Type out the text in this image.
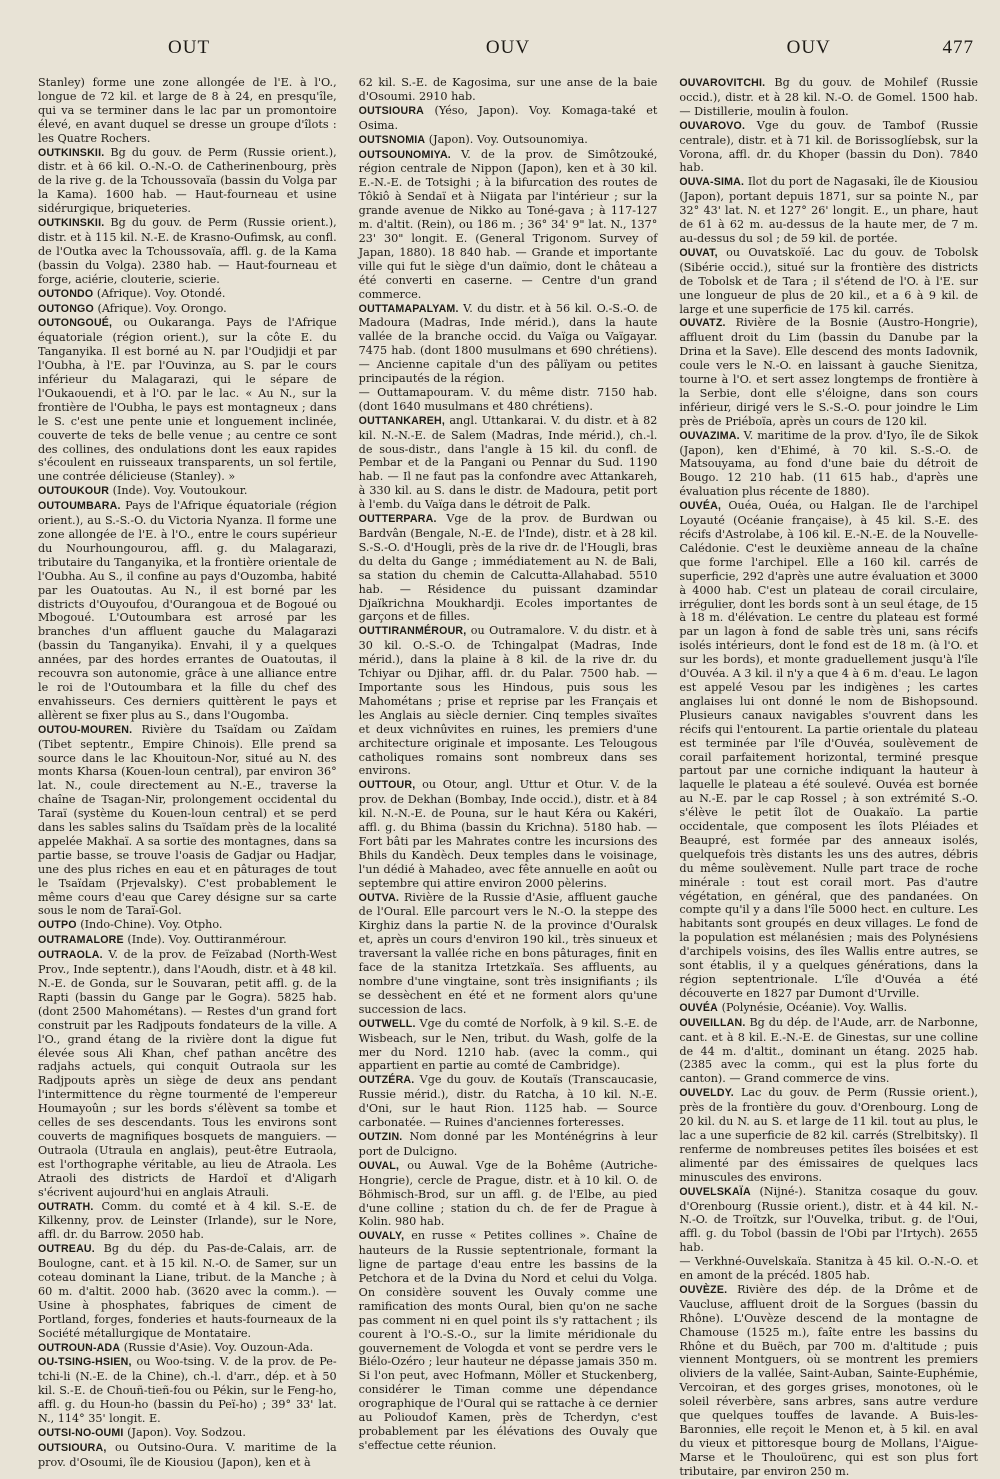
OUT	OUV	OUV	477

Stanley) forme une zone allongée de l'E. à l'O., longue de 72 kil. et large de 8 à 24, en presqu'île, qui va se terminer dans le lac par un promontoire élevé, en avant duquel se dresse un groupe d'îlots : les Quatre Rochers.

OUTKINSKII. Bg du gouv. de Perm (Russie orient.), distr. et à 66 kil. O.-N.-O. de Catherinenbourg, près de la rive g. de la Tchoussovaïa (bassin du Volga par la Kama). 1600 hab. — Haut-fourneau et usine sidérurgique, briqueteries.

OUTKINSKII. Bg du gouv. de Perm (Russie orient.), distr. et à 115 kil. N.-E. de Krasno-Oufimsk, au confl. de l'Outka avec la Tchoussovaïa, affl. g. de la Kama (bassin du Volga). 2380 hab. — Haut-fourneau et forge, aciérie, clouterie, scierie.

OUTONDO (Afrique). Voy. Otondé.

OUTONGO (Afrique). Voy. Orongo.

OUTONGOUÉ, ou Oukaranga. Pays de l'Afrique équatoriale (région orient.), sur la côte E. du Tanganyika. Il est borné au N. par l'Oudjidji et par l'Oubha, à l'E. par l'Ouvinza, au S. par le cours inférieur du Malagarazi, qui le sépare de l'Oukaouendi, et à l'O. par le lac. « Au N., sur la frontière de l'Oubha, le pays est montagneux ; dans le S. c'est une pente unie et longuement inclinée, couverte de teks de belle venue ; au centre ce sont des collines, des ondulations dont les eaux rapides s'écoulent en ruisseaux transparents, un sol fertile, une contrée délicieuse (Stanley). »

OUTOUKOUR (Inde). Voy. Voutoukour.

OUTOUMBARA. Pays de l'Afrique équatoriale (région orient.), au S.-S.-O. du Victoria Nyanza. Il forme une zone allongée de l'E. à l'O., entre le cours supérieur du Nourhoungourou, affl. g. du Malagarazi, tributaire du Tanganyika, et la frontière orientale de l'Oubha. Au S., il confine au pays d'Ouzomba, habité par les Ouatoutas. Au N., il est borné par les districts d'Ouyoufou, d'Ourangoua et de Bogoué ou Mbogoué. L'Outoumbara est arrosé par les branches d'un affluent gauche du Malagarazi (bassin du Tanganyika). Envahi, il y a quelques années, par des hordes errantes de Ouatoutas, il recouvra son autonomie, grâce à une alliance entre le roi de l'Outoumbara et la fille du chef des envahisseurs. Ces derniers quittèrent le pays et allèrent se fixer plus au S., dans l'Ougomba.

OUTOU-MOUREN. Rivière du Tsaïdam ou Zaïdam (Tibet septentr., Empire Chinois). Elle prend sa source dans le lac Khouitoun-Nor, situé au N. des monts Kharsa (Kouen-loun central), par environ 36° lat. N., coule directement au N.-E., traverse la chaîne de Tsagan-Nir, prolongement occidental du Taraï (système du Kouen-loun central) et se perd dans les sables salins du Tsaïdam près de la localité appelée Makhaï. A sa sortie des montagnes, dans sa partie basse, se trouve l'oasis de Gadjar ou Hadjar, une des plus riches en eau et en pâturages de tout le Tsaïdam (Prjevalsky). C'est probablement le même cours d'eau que Carey désigne sur sa carte sous le nom de Taraï-Gol.

OUTPO (Indo-Chine). Voy. Otpho.

OUTRAMALORE (Inde). Voy. Outtiranmérour.

OUTRAOLA. V. de la prov. de Feïzabad (North-West Prov., Inde septentr.), dans l'Aoudh, distr. et à 48 kil. N.-E. de Gonda, sur le Souvaran, petit affl. g. de la Rapti (bassin du Gange par le Gogra). 5825 hab. (dont 2500 Mahométans). — Restes d'un grand fort construit par les Radjpouts fondateurs de la ville. A l'O., grand étang de la rivière dont la digue fut élevée sous Ali Khan, chef pathan ancêtre des radjahs actuels, qui conquit Outraola sur les Radjpouts après un siège de deux ans pendant l'intermittence du règne tourmenté de l'empereur Houmayoûn ; sur les bords s'élèvent sa tombe et celles de ses descendants. Tous les environs sont couverts de magnifiques bosquets de manguiers. — Outraola (Utraula en anglais), peut-être Eutraola, est l'orthographe véritable, au lieu de Atraola. Les Atraoli des districts de Hardoï et d'Aligarh s'écrivent aujourd'hui en anglais Atrauli.

OUTRATH. Comm. du comté et à 4 kil. S.-E. de Kilkenny, prov. de Leinster (Irlande), sur le Nore, affl. dr. du Barrow. 2050 hab.

OUTREAU. Bg du dép. du Pas-de-Calais, arr. de Boulogne, cant. et à 15 kil. N.-O. de Samer, sur un coteau dominant la Liane, tribut. de la Manche ; à 60 m. d'altit. 2000 hab. (3620 avec la comm.). — Usine à phosphates, fabriques de ciment de Portland, forges, fonderies et hauts-fourneaux de la Société métallurgique de Montataire.

OUTROUN-ADA (Russie d'Asie). Voy. Ouzoun-Ada.

OU-TSING-HSIEN, ou Woo-tsing. V. de la prov. de Pe-tchi-li (N.-E. de la Chine), ch.-l. d'arr., dép. et à 50 kil. S.-E. de Chouñ-tieñ-fou ou Pékin, sur le Feng-ho, affl. g. du Houn-ho (bassin du Peï-ho) ; 39° 33' lat. N., 114° 35' longit. E.

OUTSI-NO-OUMI (Japon). Voy. Sodzou.

OUTSIOURA, ou Outsino-Oura. V. maritime de la prov. d'Osoumi, île de Kiousiou (Japon), ken et à

62 kil. S.-E. de Kagosima, sur une anse de la baie d'Osoumi. 2910 hab.

OUTSIOURA (Yéso, Japon). Voy. Komaga-také et Osima.

OUTSNOMIA (Japon). Voy. Outsounomiya.

OUTSOUNOMIYA. V. de la prov. de Simôtzouké, région centrale de Nippon (Japon), ken et à 30 kil. E.-N.-E. de Totsighi ; à la bifurcation des routes de Tôkiô à Sendaï et à Niigata par l'intérieur ; sur la grande avenue de Nikko au Toné-gava ; à 117-127 m. d'altit. (Rein), ou 186 m. ; 36° 34' 9" lat. N., 137° 23' 30" longit. E. (General Trigonom. Survey of Japan, 1880). 18 840 hab. — Grande et importante ville qui fut le siège d'un daïmio, dont le château a été converti en caserne. — Centre d'un grand commerce.

OUTTAMAPALYAM. V. du distr. et à 56 kil. O.-S.-O. de Madoura (Madras, Inde mérid.), dans la haute vallée de la branche occid. du Vaïga ou Vaïgayar. 7475 hab. (dont 1800 musulmans et 690 chrétiens). — Ancienne capitale d'un des pâlïyam ou petites principautés de la région.

— Outtamapouram. V. du même distr. 7150 hab. (dont 1640 musulmans et 480 chrétiens).

OUTTANKAREH, angl. Uttankarai. V. du distr. et à 82 kil. N.-N.-E. de Salem (Madras, Inde mérid.), ch.-l. de sous-distr., dans l'angle à 15 kil. du confl. de Pembar et de la Pangani ou Pennar du Sud. 1190 hab. — Il ne faut pas la confondre avec Attankareh, à 330 kil. au S. dans le distr. de Madoura, petit port à l'emb. du Vaïga dans le détroit de Palk.

OUTTERPARA. Vge de la prov. de Burdwan ou Bardvân (Bengale, N.-E. de l'Inde), distr. et à 28 kil. S.-S.-O. d'Hougli, près de la rive dr. de l'Hougli, bras du delta du Gange ; immédiatement au N. de Bali, sa station du chemin de Calcutta-Allahabad. 5510 hab. — Résidence du puissant dzamindar Djaïkrichna Moukhardji. Ecoles importantes de garçons et de filles.

OUTTIRANMÉROUR, ou Outramalore. V. du distr. et à 30 kil. O.-S.-O. de Tchingalpat (Madras, Inde mérid.), dans la plaine à 8 kil. de la rive dr. du Tchiyar ou Djihar, affl. dr. du Palar. 7500 hab. — Importante sous les Hindous, puis sous les Mahométans ; prise et reprise par les Français et les Anglais au siècle dernier. Cinq temples sivaïtes et deux vichnûvites en ruines, les premiers d'une architecture originale et imposante. Les Telougous catholiques romains sont nombreux dans ses environs.

OUTTOUR, ou Otour, angl. Uttur et Otur. V. de la prov. de Dekhan (Bombay, Inde occid.), distr. et à 84 kil. N.-N.-E. de Pouna, sur le haut Kéra ou Kakéri, affl. g. du Bhima (bassin du Krichna). 5180 hab. — Fort bâti par les Mahrates contre les incursions des Bhils du Kandèch. Deux temples dans le voisinage, l'un dédié à Mahadeo, avec fête annuelle en août ou septembre qui attire environ 2000 pèlerins.

OUTVA. Rivière de la Russie d'Asie, affluent gauche de l'Oural. Elle parcourt vers le N.-O. la steppe des Kirghiz dans la partie N. de la province d'Ouralsk et, après un cours d'environ 190 kil., très sinueux et traversant la vallée riche en bons pâturages, finit en face de la stanitza Irtetzkaïa. Ses affluents, au nombre d'une vingtaine, sont très insignifiants ; ils se dessèchent en été et ne forment alors qu'une succession de lacs.

OUTWELL. Vge du comté de Norfolk, à 9 kil. S.-E. de Wisbeach, sur le Nen, tribut. du Wash, golfe de la mer du Nord. 1210 hab. (avec la comm., qui appartient en partie au comté de Cambridge).

OUTZÉRA. Vge du gouv. de Koutaïs (Transcaucasie, Russie mérid.), distr. du Ratcha, à 10 kil. N.-E. d'Oni, sur le haut Rion. 1125 hab. — Source carbonatée. — Ruines d'anciennes forteresses.

OUTZIN. Nom donné par les Monténégrins à leur port de Dulcigno.

OUVAL, ou Auwal. Vge de la Bohême (Autriche-Hongrie), cercle de Prague, distr. et à 10 kil. O. de Böhmisch-Brod, sur un affl. g. de l'Elbe, au pied d'une colline ; station du ch. de fer de Prague à Kolin. 980 hab.

OUVALY, en russe « Petites collines ». Chaîne de hauteurs de la Russie septentrionale, formant la ligne de partage d'eau entre les bassins de la Petchora et de la Dvina du Nord et celui du Volga. On considère souvent les Ouvaly comme une ramification des monts Oural, bien qu'on ne sache pas comment ni en quel point ils s'y rattachent ; ils courent à l'O.-S.-O., sur la limite méridionale du gouvernement de Vologda et vont se perdre vers le Biélo-Ozéro ; leur hauteur ne dépasse jamais 350 m. Si l'on peut, avec Hofmann, Möller et Stuckenberg, considérer le Timan comme une dépendance orographique de l'Oural qui se rattache à ce dernier au Polioudof Kamen, près de Tcherdyn, c'est probablement par les élévations des Ouvaly que s'effectue cette réunion.

OUVAROVITCHI. Bg du gouv. de Mohilef (Russie occid.), distr. et à 28 kil. N.-O. de Gomel. 1500 hab. — Distillerie, moulin à foulon.

OUVAROVO. Vge du gouv. de Tambof (Russie centrale), distr. et à 71 kil. de Borissoglíebsk, sur la Vorona, affl. dr. du Khoper (bassin du Don). 7840 hab.

OUVA-SIMA. Ilot du port de Nagasaki, île de Kiousiou (Japon), portant depuis 1871, sur sa pointe N., par 32° 43' lat. N. et 127° 26' longit. E., un phare, haut de 61 à 62 m. au-dessus de la haute mer, de 7 m. au-dessus du sol ; de 59 kil. de portée.

OUVAT, ou Ouvatskoïé. Lac du gouv. de Tobolsk (Sibérie occid.), situé sur la frontière des districts de Tobolsk et de Tara ; il s'étend de l'O. à l'E. sur une longueur de plus de 20 kil., et a 6 à 9 kil. de large et une superficie de 175 kil. carrés.

OUVATZ. Rivière de la Bosnie (Austro-Hongrie), affluent droit du Lim (bassin du Danube par la Drina et la Save). Elle descend des monts Iadovnik, coule vers le N.-O. en laissant à gauche Sienitza, tourne à l'O. et sert assez longtemps de frontière à la Serbie, dont elle s'éloigne, dans son cours inférieur, dirigé vers le S.-S.-O. pour joindre le Lim près de Priéboïa, après un cours de 120 kil.

OUVAZIMA. V. maritime de la prov. d'Iyo, île de Sikok (Japon), ken d'Ehimé, à 70 kil. S.-S.-O. de Matsouyama, au fond d'une baie du détroit de Bougo. 12 210 hab. (11 615 hab., d'après une évaluation plus récente de 1880).

OUVÉA, Ouéa, Ouéa, ou Halgan. Ile de l'archipel Loyauté (Océanie française), à 45 kil. S.-E. des récifs d'Astrolabe, à 106 kil. E.-N.-E. de la Nouvelle-Calédonie. C'est le deuxième anneau de la chaîne que forme l'archipel. Elle a 160 kil. carrés de superficie, 292 d'après une autre évaluation et 3000 à 4000 hab. C'est un plateau de corail circulaire, irrégulier, dont les bords sont à un seul étage, de 15 à 18 m. d'élévation. Le centre du plateau est formé par un lagon à fond de sable très uni, sans récifs isolés intérieurs, dont le fond est de 18 m. (à l'O. et sur les bords), et monte graduellement jusqu'à l'île d'Ouvéa. A 3 kil. il n'y a que 4 à 6 m. d'eau. Le lagon est appelé Vesou par les indigènes ; les cartes anglaises lui ont donné le nom de Bishopsound. Plusieurs canaux navigables s'ouvrent dans les récifs qui l'entourent. La partie orientale du plateau est terminée par l'île d'Ouvéa, soulèvement de corail parfaitement horizontal, terminé presque partout par une corniche indiquant la hauteur à laquelle le plateau a été soulevé. Ouvéa est bornée au N.-E. par le cap Rossel ; à son extrémité S.-O. s'élève le petit îlot de Ouakaïo. La partie occidentale, que composent les îlots Pléiades et Beaupré, est formée par des anneaux isolés, quelquefois très distants les uns des autres, débris du même soulèvement. Nulle part trace de roche minérale : tout est corail mort. Pas d'autre végétation, en général, que des pandanées. On compte qu'il y a dans l'île 5000 hect. en culture. Les habitants sont groupés en deux villages. Le fond de la population est mélanésien ; mais des Polynésiens d'archipels voisins, des îles Wallis entre autres, se sont établis, il y a quelques générations, dans la région septentrionale. L'île d'Ouvéa a été découverte en 1827 par Dumont d'Urville.

OUVÉA (Polynésie, Océanie). Voy. Wallis.

OUVEILLAN. Bg du dép. de l'Aude, arr. de Narbonne, cant. et à 8 kil. E.-N.-E. de Ginestas, sur une colline de 44 m. d'altit., dominant un étang. 2025 hab. (2385 avec la comm., qui est la plus forte du canton). — Grand commerce de vins.

OUVELDY. Lac du gouv. de Perm (Russie orient.), près de la frontière du gouv. d'Orenbourg. Long de 20 kil. du N. au S. et large de 11 kil. tout au plus, le lac a une superficie de 82 kil. carrés (Strelbitsky). Il renferme de nombreuses petites îles boisées et est alimenté par des émissaires de quelques lacs minuscules des environs.

OUVELSKAÏA (Nijné-). Stanitza cosaque du gouv. d'Orenbourg (Russie orient.), distr. et à 44 kil. N.-N.-O. de Troïtzk, sur l'Ouvelka, tribut. g. de l'Oui, affl. g. du Tobol (bassin de l'Obi par l'Irtych). 2655 hab.

— Verkhné-Ouvelskaïa. Stanitza à 45 kil. O.-N.-O. et en amont de la précéd. 1805 hab.

OUVÈZE. Rivière des dép. de la Drôme et de Vaucluse, affluent droit de la Sorgues (bassin du Rhône). L'Ouvèze descend de la montagne de Chamouse (1525 m.), faîte entre les bassins du Rhône et du Buëch, par 700 m. d'altitude ; puis viennent Montguers, où se montrent les premiers oliviers de la vallée, Saint-Auban, Sainte-Euphémie, Vercoiran, et des gorges grises, monotones, où le soleil réverbère, sans arbres, sans autre verdure que quelques touffes de lavande. A Buis-les-Baronnies, elle reçoit le Menon et, à 5 kil. en aval du vieux et pittoresque bourg de Mollans, l'Aigue-Marse et le Thouloürenc, qui est son plus fort tributaire, par environ 250 m.
